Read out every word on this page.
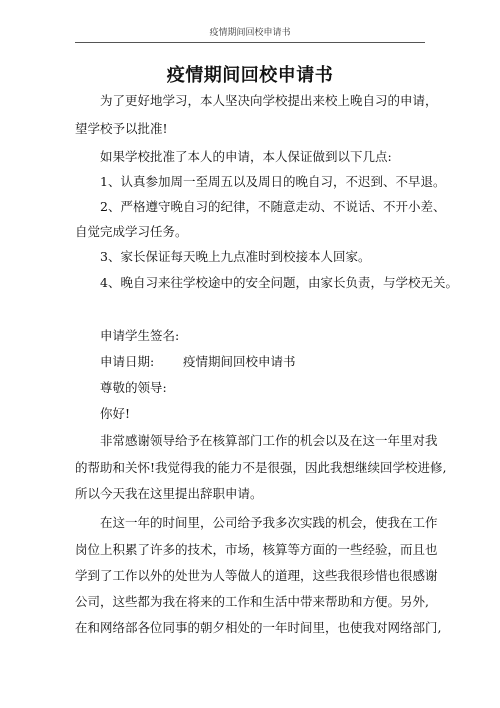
疫情期间回校申请书
疫情期间回校申请书
为了更好地学习，本人坚决向学校提出来校上晚自习的申请，
望学校予以批准!
如果学校批准了本人的申请，本人保证做到以下几点:
1、认真参加周一至周五以及周日的晚自习，不迟到、不早退。
2、严格遵守晚自习的纪律，不随意走动、不说话、不开小差、
自觉完成学习任务。
3、家长保证每天晚上九点准时到校接本人回家。
4、晚自习来往学校途中的安全问题，由家长负责，与学校无关。
申请学生签名:
申请日期: 疫情期间回校申请书
尊敬的领导:
你好!
非常感谢领导给予在核算部门工作的机会以及在这一年里对我
的帮助和关怀!我觉得我的能力不是很强，因此我想继续回学校进修,
所以今天我在这里提出辞职申请。
在这一年的时间里，公司给予我多次实践的机会，使我在工作
岗位上积累了许多的技术，市场，核算等方面的一些经验，而且也
学到了工作以外的处世为人等做人的道理，这些我很珍惜也很感谢
公司，这些都为我在将来的工作和生活中带来帮助和方便。另外,
在和网络部各位同事的朝夕相处的一年时间里，也使我对网络部门,
